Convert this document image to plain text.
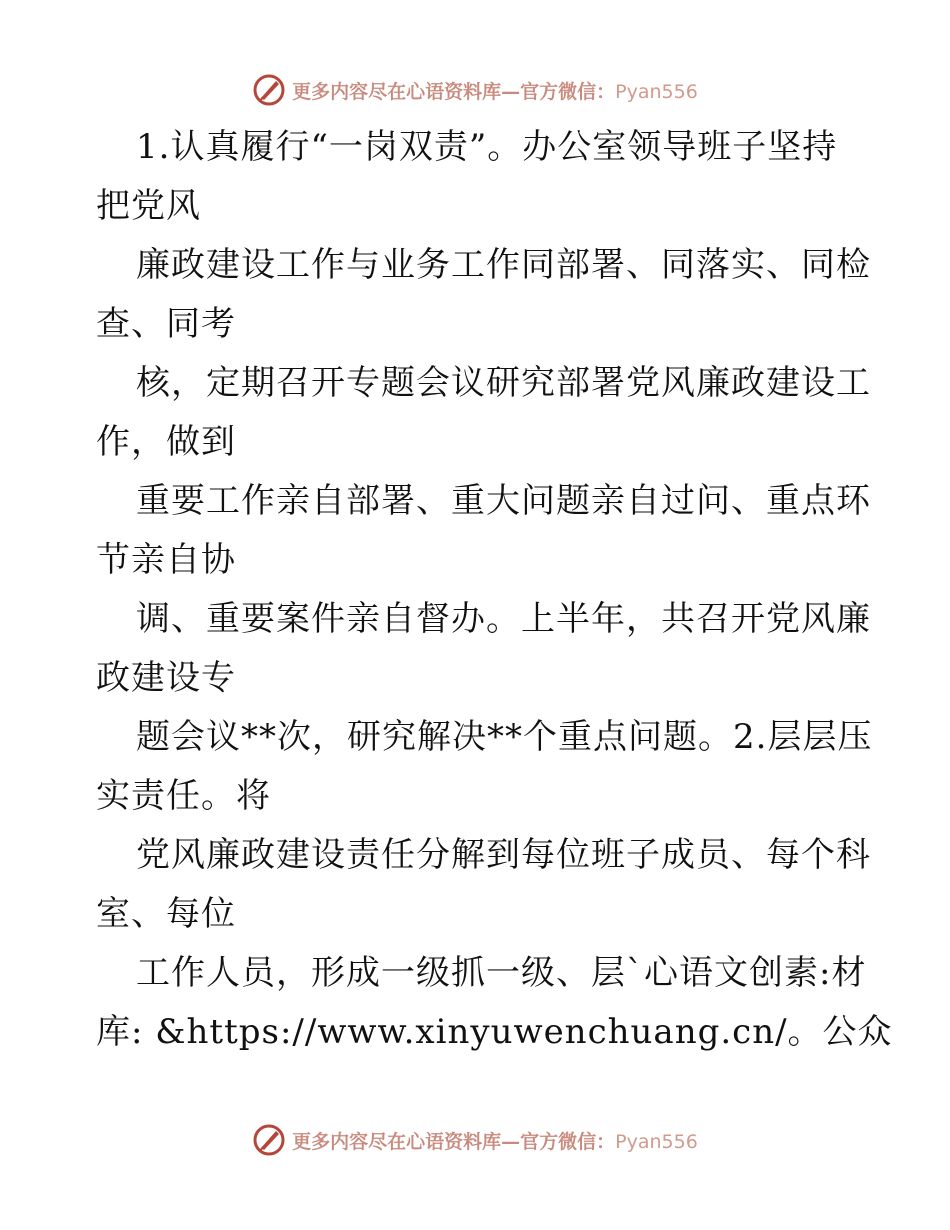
更多内容尽在心语资料库—官方微信：Pyan556
1.认真履行“一岗双责”。办公室领导班子坚持
把党风
廉政建设工作与业务工作同部署、同落实、同检
查、同考
核，定期召开专题会议研究部署党风廉政建设工
作，做到
重要工作亲自部署、重大问题亲自过问、重点环
节亲自协
调、重要案件亲自督办。上半年，共召开党风廉
政建设专
题会议**次，研究解决**个重点问题。2.层层压
实责任。将
党风廉政建设责任分解到每位班子成员、每个科
室、每位
工作人员，形成一级抓一级、层`心语文创素:材
库: &https://www.xinyuwenchuang.cn/。公众
更多内容尽在心语资料库—官方微信：Pyan556
